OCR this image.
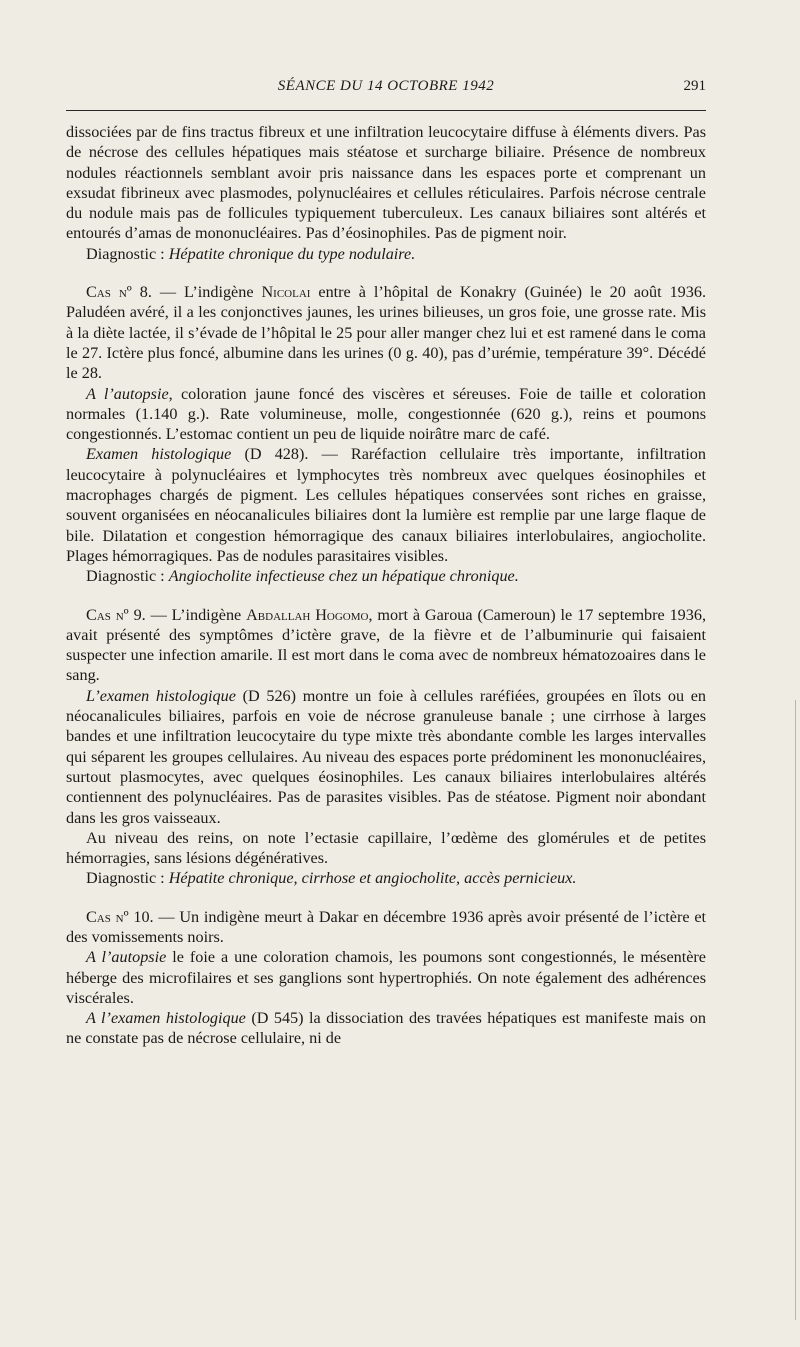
SÉANCE DU 14 OCTOBRE 1942	291

dissociées par de fins tractus fibreux et une infiltration leucocytaire diffuse à éléments divers. Pas de nécrose des cellules hépatiques mais stéatose et surcharge biliaire. Présence de nombreux nodules réactionnels semblant avoir pris naissance dans les espaces porte et comprenant un exsudat fibrineux avec plasmodes, polynucléaires et cellules réticulaires. Parfois nécrose centrale du nodule mais pas de follicules typiquement tuberculeux. Les canaux biliaires sont altérés et entourés d’amas de mononucléaires. Pas d’éosinophiles. Pas de pigment noir.

Diagnostic : Hépatite chronique du type nodulaire.

Cas nº 8. — L’indigène Nicolai entre à l’hôpital de Konakry (Guinée) le 20 août 1936. Paludéen avéré, il a les conjonctives jaunes, les urines bilieuses, un gros foie, une grosse rate. Mis à la diète lactée, il s’évade de l’hôpital le 25 pour aller manger chez lui et est ramené dans le coma le 27. Ictère plus foncé, albumine dans les urines (0 g. 40), pas d’urémie, température 39°. Décédé le 28.

A l’autopsie, coloration jaune foncé des viscères et séreuses. Foie de taille et coloration normales (1.140 g.). Rate volumineuse, molle, congestionnée (620 g.), reins et poumons congestionnés. L’estomac contient un peu de liquide noirâtre marc de café.

Examen histologique (D 428). — Raréfaction cellulaire très importante, infiltration leucocytaire à polynucléaires et lymphocytes très nombreux avec quelques éosinophiles et macrophages chargés de pigment. Les cellules hépatiques conservées sont riches en graisse, souvent organisées en néocanalicules biliaires dont la lumière est remplie par une large flaque de bile. Dilatation et congestion hémorragique des canaux biliaires interlobulaires, angiocholite. Plages hémorragiques. Pas de nodules parasitaires visibles.

Diagnostic : Angiocholite infectieuse chez un hépatique chronique.

Cas nº 9. — L’indigène Abdallah Hogomo, mort à Garoua (Cameroun) le 17 septembre 1936, avait présenté des symptômes d’ictère grave, de la fièvre et de l’albuminurie qui faisaient suspecter une infection amarile. Il est mort dans le coma avec de nombreux hématozoaires dans le sang.

L’examen histologique (D 526) montre un foie à cellules raréfiées, groupées en îlots ou en néocanalicules biliaires, parfois en voie de nécrose granuleuse banale ; une cirrhose à larges bandes et une infiltration leucocytaire du type mixte très abondante comble les larges intervalles qui séparent les groupes cellulaires. Au niveau des espaces porte prédominent les mononucléaires, surtout plasmocytes, avec quelques éosinophiles. Les canaux biliaires interlobulaires altérés contiennent des polynucléaires. Pas de parasites visibles. Pas de stéatose. Pigment noir abondant dans les gros vaisseaux.

Au niveau des reins, on note l’ectasie capillaire, l’œdème des glomérules et de petites hémorragies, sans lésions dégénératives.

Diagnostic : Hépatite chronique, cirrhose et angiocholite, accès pernicieux.

Cas nº 10. — Un indigène meurt à Dakar en décembre 1936 après avoir présenté de l’ictère et des vomissements noirs.

A l’autopsie le foie a une coloration chamois, les poumons sont congestionnés, le mésentère héberge des microfilaires et ses ganglions sont hypertrophiés. On note également des adhérences viscérales.

A l’examen histologique (D 545) la dissociation des travées hépatiques est manifeste mais on ne constate pas de nécrose cellulaire, ni de
